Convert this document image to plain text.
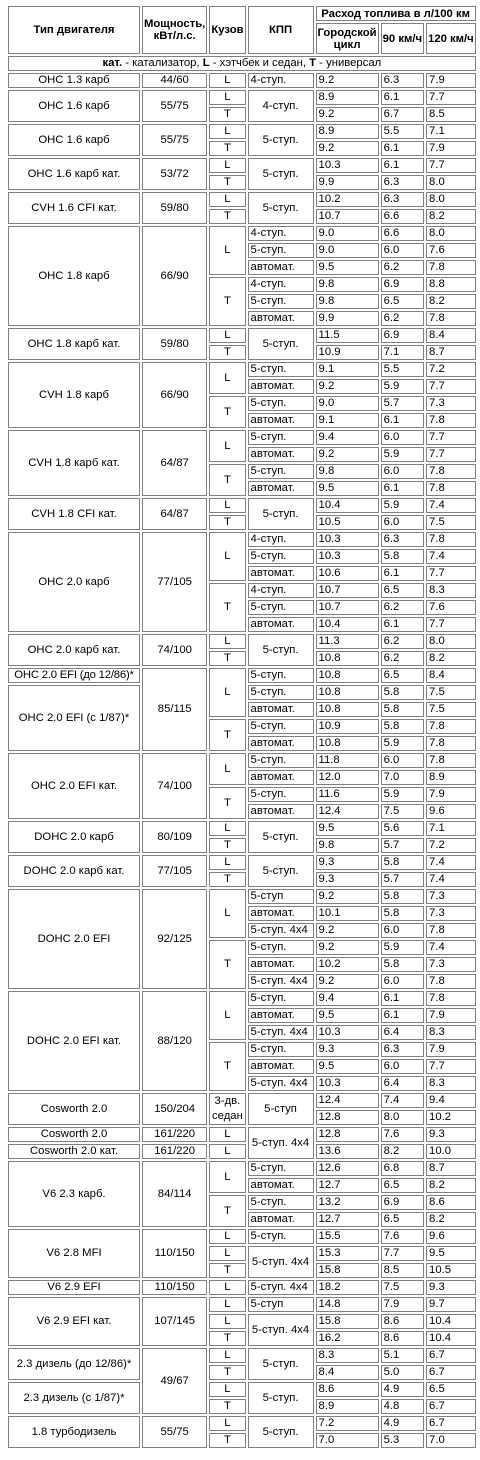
Тип двигателя	Мощность, кВт/л.с.	Кузов	КПП	Расход топлива в л/100 км		
				Городской цикл	90 км/ч	120 км/ч
кат. - катализатор, L - хэтчбек и седан, T - универсал						
OHC 1.3 карб	44/60	L	4-ступ.	9.2	6.3	7.9
OHC 1.6 карб	55/75	L	4-ступ.	8.9	6.1	7.7
		T		9.2	6.7	8.5
OHC 1.6 карб	55/75	L	5-ступ.	8.9	5.5	7.1
		T		9.2	6.1	7.9
OHC 1.6 карб кат.	53/72	L	5-ступ.	10.3	6.1	7.7
		T		9.9	6.3	8.0
CVH 1.6 CFI кат.	59/80	L	5-ступ.	10.2	6.3	8.0
		T		10.7	6.6	8.2
OHC 1.8 карб	66/90	L	4-ступ.	9.0	6.6	8.0
			5-ступ.	9.0	6.0	7.6
			автомат.	9.5	6.2	7.8
		T	4-ступ.	9.8	6.9	8.8
			5-ступ.	9.8	6.5	8.2
			автомат.	9.9	6.2	7.8
OHC 1.8 карб кат.	59/80	L	5-ступ.	11.5	6.9	8.4
		T		10.9	7.1	8.7
CVH 1.8 карб	66/90	L	5-ступ.	9.1	5.5	7.2
			автомат.	9.2	5.9	7.7
		T	5-ступ.	9.0	5.7	7.3
			автомат.	9.1	6.1	7.8
CVH 1.8 карб кат.	64/87	L	5-ступ.	9.4	6.0	7.7
			автомат.	9.2	5.9	7.7
		T	5-ступ.	9.8	6.0	7.8
			автомат.	9.5	6.1	7.8
CVH 1.8 CFI кат.	64/87	L	5-ступ.	10.4	5.9	7.4
		T		10.5	6.0	7.5
OHC 2.0 карб	77/105	L	4-ступ.	10.3	6.3	7.8
			5-ступ.	10.3	5.8	7.4
			автомат.	10.6	6.1	7.7
		T	4-ступ.	10.7	6.5	8.3
			5-ступ.	10.7	6.2	7.6
			автомат.	10.4	6.1	7.7
OHC 2.0 карб кат.	74/100	L	5-ступ.	11.3	6.2	8.0
		T		10.8	6.2	8.2
OHC 2.0 EFI (до 12/86)*	85/115	L	5-ступ.	10.8	6.5	8.4
OHC 2.0 EFI (с 1/87)*			5-ступ.	10.8	5.8	7.5
			автомат.	10.8	5.8	7.5
		T	5-ступ.	10.9	5.8	7.8
			автомат.	10.8	5.9	7.8
OHC 2.0 EFI кат.	74/100	L	5-ступ.	11.8	6.0	7.8
			автомат.	12.0	7.0	8.9
		T	5-ступ.	11.6	5.9	7.9
			автомат.	12.4	7.5	9.6
DOHC 2.0 карб	80/109	L	5-ступ.	9.5	5.6	7.1
		T		9.8	5.7	7.2
DOHC 2.0 карб кат.	77/105	L	5-ступ.	9.3	5.8	7.4
		T		9.3	5.7	7.4
DOHC 2.0 EFI	92/125	L	5-ступ	9.2	5.8	7.3
			автомат.	10.1	5.8	7.3
			5-ступ. 4x4	9.2	6.0	7.8
		T	5-ступ.	9.2	5.9	7.4
			автомат.	10.2	5.8	7.3
			5-ступ. 4x4	9.2	6.0	7.8
DOHC 2.0 EFI кат.	88/120	L	5-ступ.	9.4	6.1	7.8
			автомат.	9.5	6.1	7.9
			5-ступ. 4x4	10.3	6.4	8.3
		T	5-ступ.	9.3	6.3	7.9
			автомат.	9.5	6.0	7.7
			5-ступ. 4x4	10.3	6.4	8.3
Cosworth 2.0	150/204	3-дв. седан	5-ступ	12.4	7.4	9.4
				12.8	8.0	10.2
Cosworth 2.0	161/220	L	5-ступ. 4x4	12.8	7.6	9.3
Cosworth 2.0 кат.	161/220	L		13.6	8.2	10.0
V6 2.3 карб.	84/114	L	5-ступ.	12.6	6.8	8.7
			автомат.	12.7	6.5	8.2
		T	5-ступ.	13.2	6.9	8.6
			автомат.	12.7	6.5	8.2
V6 2.8 MFI	110/150	L	5-ступ.	15.5	7.6	9.6
		L	5-ступ. 4x4	15.3	7.7	9.5
		T		15.8	8.5	10.5
V6 2.9 EFI	110/150	L	5-ступ. 4x4	18.2	7.5	9.3
V6 2.9 EFI кат.	107/145	L	5-ступ	14.8	7.9	9.7
		L	5-ступ. 4x4	15.8	8.6	10.4
		T		16.2	8.6	10.4
2.3 дизель (до 12/86)*	49/67	L	5-ступ.	8.3	5.1	6.7
		T		8.4	5.0	6.7
2.3 дизель (с 1/87)*		L	5-ступ.	8.6	4.9	6.5
		T		8.9	4.8	6.7
1.8 турбодизель	55/75	L	5-ступ.	7.2	4.9	6.7
		T		7.0	5.3	7.0
